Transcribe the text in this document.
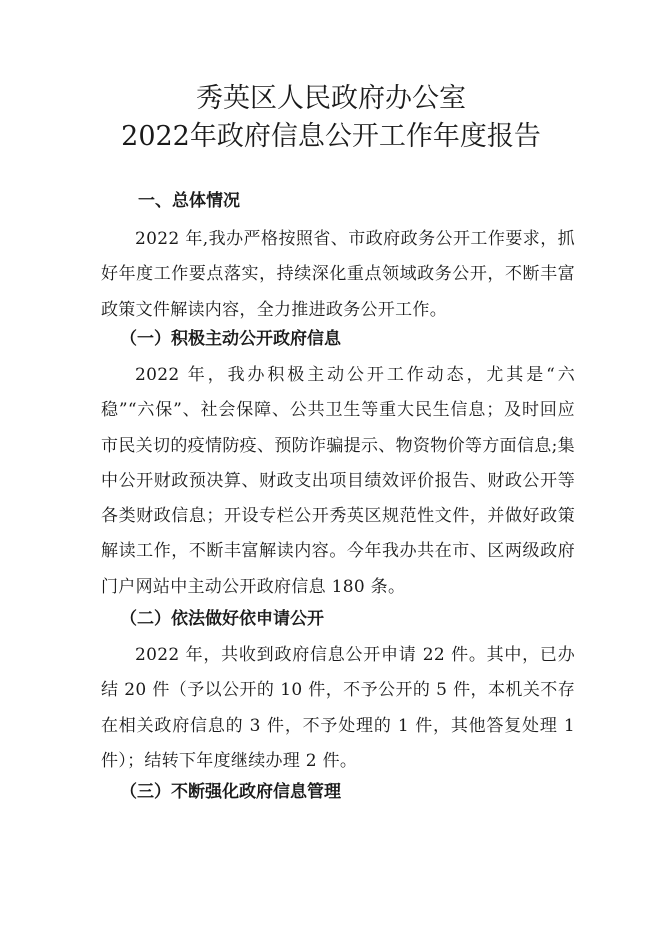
秀英区人民政府办公室
2022年政府信息公开工作年度报告
一、总体情况

2022 年,我办严格按照省、市政府政务公开工作要求，抓好年度工作要点落实，持续深化重点领域政务公开，不断丰富政策文件解读内容，全力推进政务公开工作。

（一）积极主动公开政府信息

2022 年，我办积极主动公开工作动态，尤其是“六稳”“六保”、社会保障、公共卫生等重大民生信息；及时回应市民关切的疫情防疫、预防诈骗提示、物资物价等方面信息;集中公开财政预决算、财政支出项目绩效评价报告、财政公开等各类财政信息；开设专栏公开秀英区规范性文件，并做好政策解读工作，不断丰富解读内容。今年我办共在市、区两级政府门户网站中主动公开政府信息 180 条。

（二）依法做好依申请公开

2022 年，共收到政府信息公开申请 22 件。其中，已办结 20 件（予以公开的 10 件，不予公开的 5 件，本机关不存在相关政府信息的 3 件，不予处理的 1 件，其他答复处理 1件）；结转下年度继续办理 2 件。

（三）不断强化政府信息管理
